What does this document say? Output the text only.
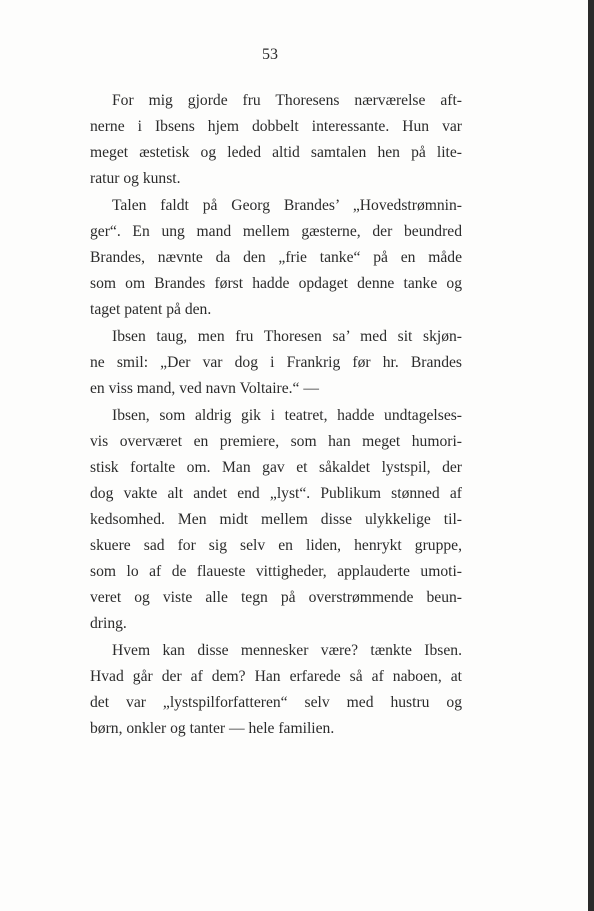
53

For mig gjorde fru Thoresens nærværelse aft-
nerne i Ibsens hjem dobbelt interessante. Hun var
meget æstetisk og leded altid samtalen hen på lite-
ratur og kunst.

Talen faldt på Georg Brandes’ „Hovedstrømnin-
ger“. En ung mand mellem gæsterne, der beundred
Brandes, nævnte da den „frie tanke“ på en måde
som om Brandes først hadde opdaget denne tanke og
taget patent på den.

Ibsen taug, men fru Thoresen sa’ med sit skjøn-
ne smil: „Der var dog i Frankrig før hr. Brandes
en viss mand, ved navn Voltaire.“ —

Ibsen, som aldrig gik i teatret, hadde undtagelses-
vis overværet en premiere, som han meget humori-
stisk fortalte om. Man gav et såkaldet lystspil, der
dog vakte alt andet end „lyst“. Publikum stønned af
kedsomhed. Men midt mellem disse ulykkelige til-
skuere sad for sig selv en liden, henrykt gruppe,
som lo af de flaueste vittigheder, applauderte umoti-
veret og viste alle tegn på overstrømmende beun-
dring.

Hvem kan disse mennesker være? tænkte Ibsen.
Hvad går der af dem? Han erfarede så af naboen, at
det var „lystspilforfatteren“ selv med hustru og
børn, onkler og tanter — hele familien.
